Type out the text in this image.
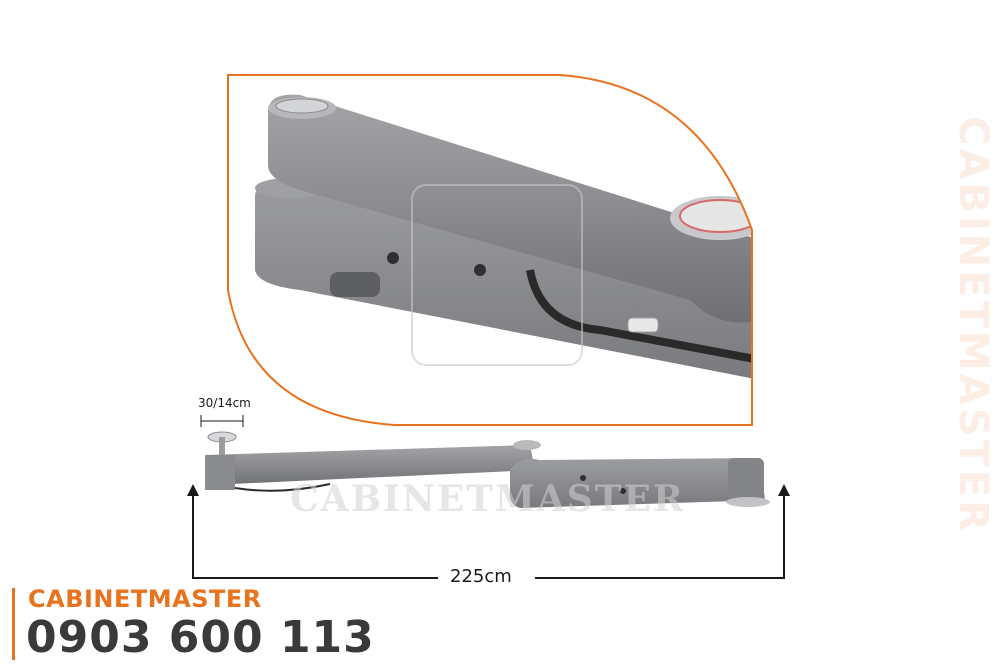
30/14cm
225cm
CABINETMASTER	CABINETMASTER
CABINETMASTER
0903 600 113
